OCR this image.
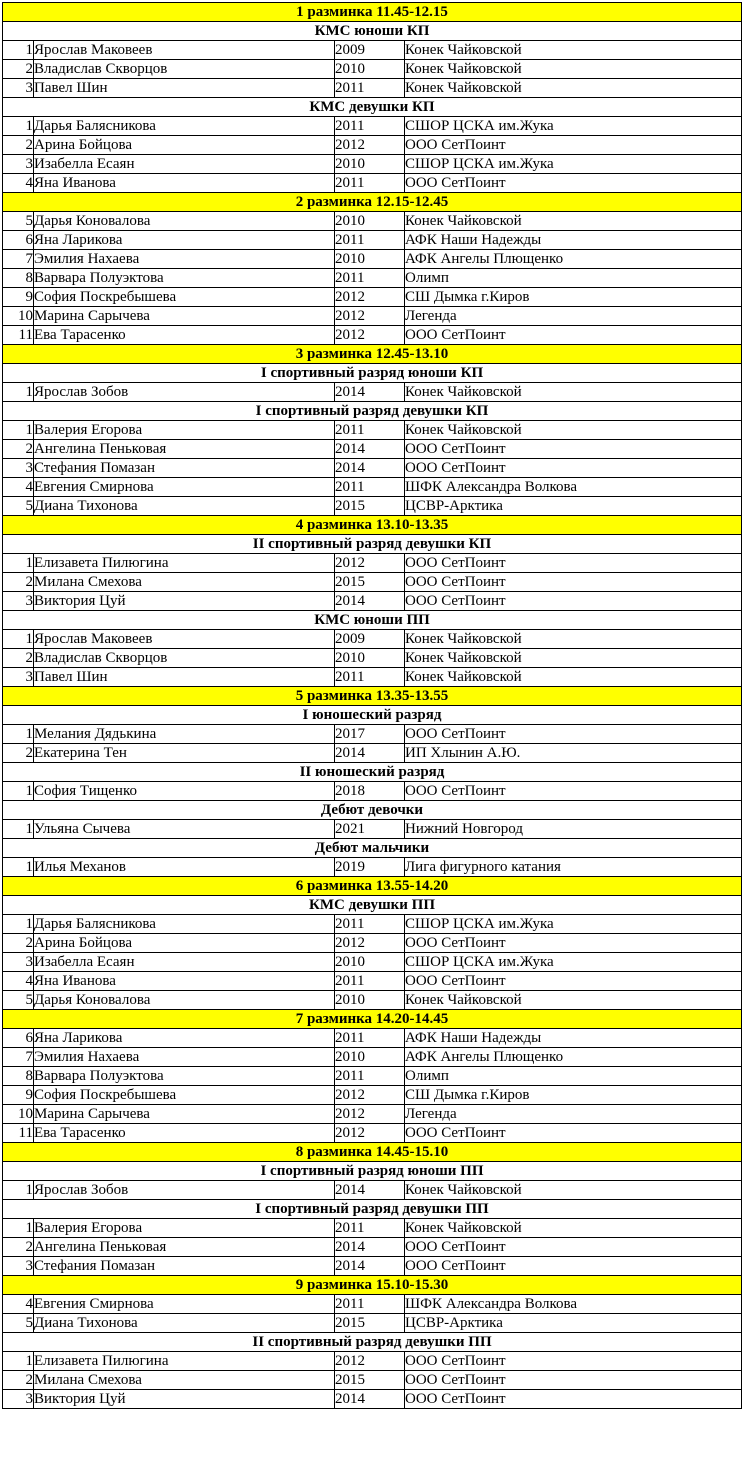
1 разминка 11.45-12.15			
КМС юноши КП			
1	Ярослав Маковеев	2009	Конек Чайковской
2	Владислав Скворцов	2010	Конек Чайковской
3	Павел Шин	2011	Конек Чайковской
КМС девушки КП			
1	Дарья Балясникова	2011	СШОР ЦСКА им.Жука
2	Арина Бойцова	2012	ООО СетПоинт
3	Изабелла Есаян	2010	СШОР ЦСКА им.Жука
4	Яна Иванова	2011	ООО СетПоинт
2 разминка 12.15-12.45			
5	Дарья Коновалова	2010	Конек Чайковской
6	Яна Ларикова	2011	АФК Наши Надежды
7	Эмилия Нахаева	2010	АФК Ангелы Плющенко
8	Варвара Полуэктова	2011	Олимп
9	София Поскребышева	2012	СШ Дымка г.Киров
10	Марина Сарычева	2012	Легенда
11	Ева Тарасенко	2012	ООО СетПоинт
3 разминка 12.45-13.10			
I спортивный разряд юноши КП			
1	Ярослав Зобов	2014	Конек Чайковской
I спортивный разряд девушки КП			
1	Валерия Егорова	2011	Конек Чайковской
2	Ангелина Пеньковая	2014	ООО СетПоинт
3	Стефания Помазан	2014	ООО СетПоинт
4	Евгения Смирнова	2011	ШФК Александра Волкова
5	Диана Тихонова	2015	ЦСВР-Арктика
4 разминка 13.10-13.35			
II спортивный разряд девушки КП			
1	Елизавета Пилюгина	2012	ООО СетПоинт
2	Милана Смехова	2015	ООО СетПоинт
3	Виктория Цуй	2014	ООО СетПоинт
КМС юноши ПП			
1	Ярослав Маковеев	2009	Конек Чайковской
2	Владислав Скворцов	2010	Конек Чайковской
3	Павел Шин	2011	Конек Чайковской
5 разминка 13.35-13.55			
I юношеский разряд			
1	Мелания Дядькина	2017	ООО СетПоинт
2	Екатерина Тен	2014	ИП Хлынин А.Ю.
II юношеский разряд			
1	София Тищенко	2018	ООО СетПоинт
Дебют девочки			
1	Ульяна Сычева	2021	Нижний Новгород
Дебют мальчики			
1	Илья Механов	2019	Лига фигурного катания
6 разминка 13.55-14.20			
КМС девушки ПП			
1	Дарья Балясникова	2011	СШОР ЦСКА им.Жука
2	Арина Бойцова	2012	ООО СетПоинт
3	Изабелла Есаян	2010	СШОР ЦСКА им.Жука
4	Яна Иванова	2011	ООО СетПоинт
5	Дарья Коновалова	2010	Конек Чайковской
7 разминка 14.20-14.45			
6	Яна Ларикова	2011	АФК Наши Надежды
7	Эмилия Нахаева	2010	АФК Ангелы Плющенко
8	Варвара Полуэктова	2011	Олимп
9	София Поскребышева	2012	СШ Дымка г.Киров
10	Марина Сарычева	2012	Легенда
11	Ева Тарасенко	2012	ООО СетПоинт
8 разминка 14.45-15.10			
I спортивный разряд юноши ПП			
1	Ярослав Зобов	2014	Конек Чайковской
I спортивный разряд девушки ПП			
1	Валерия Егорова	2011	Конек Чайковской
2	Ангелина Пеньковая	2014	ООО СетПоинт
3	Стефания Помазан	2014	ООО СетПоинт
9 разминка 15.10-15.30			
4	Евгения Смирнова	2011	ШФК Александра Волкова
5	Диана Тихонова	2015	ЦСВР-Арктика
II спортивный разряд девушки ПП			
1	Елизавета Пилюгина	2012	ООО СетПоинт
2	Милана Смехова	2015	ООО СетПоинт
3	Виктория Цуй	2014	ООО СетПоинт
